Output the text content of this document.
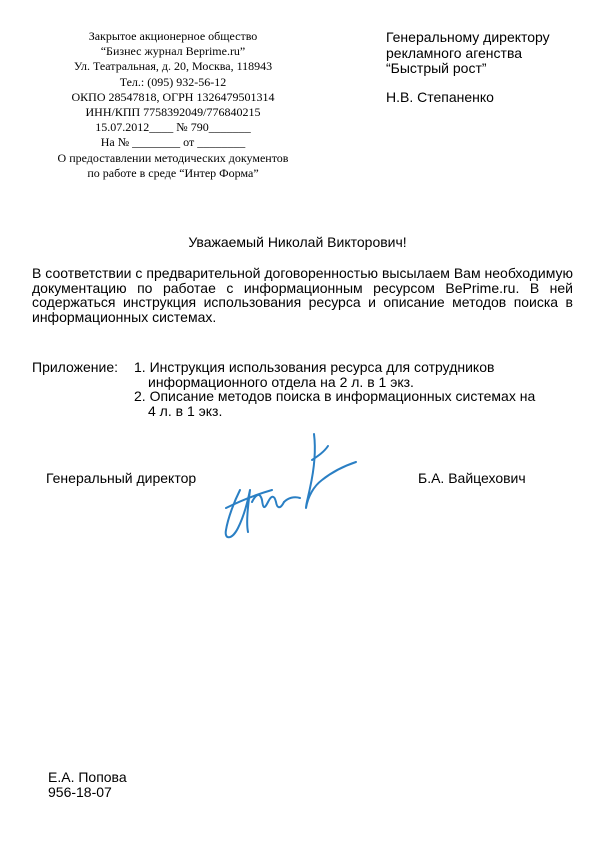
Закрытое акционерное общество
“Бизнес журнал Beprime.ru”
Ул. Театральная, д. 20, Москва, 118943
Тел.: (095) 932-56-12
ОКПО 28547818, ОГРН 1326479501314
ИНН/КПП 7758392049/776840215
15.07.2012____ № 790_______
На № ________ от ________
О предоставлении методических документов
по работе в среде “Интер Форма”
Генеральному директору
рекламного агенства
“Быстрый рост”
Н.В. Степаненко
Уважаемый Николай Викторович!
В соответствии с предварительной договоренностью высылаем Вам необходимую документацию по работае с информационным ресурсом BePrime.ru. В ней содержаться инструкция использования ресурса и описание методов поиска в информационных системах.
Приложение: 1. Инструкция использования ресурса для сотрудников
информационного отдела на 2 л. в 1 экз.
2. Описание методов поиска в информационных системах на
4 л. в 1 экз.
Генеральный директор	Б.А. Вайцехович
Е.А. Попова
956-18-07
